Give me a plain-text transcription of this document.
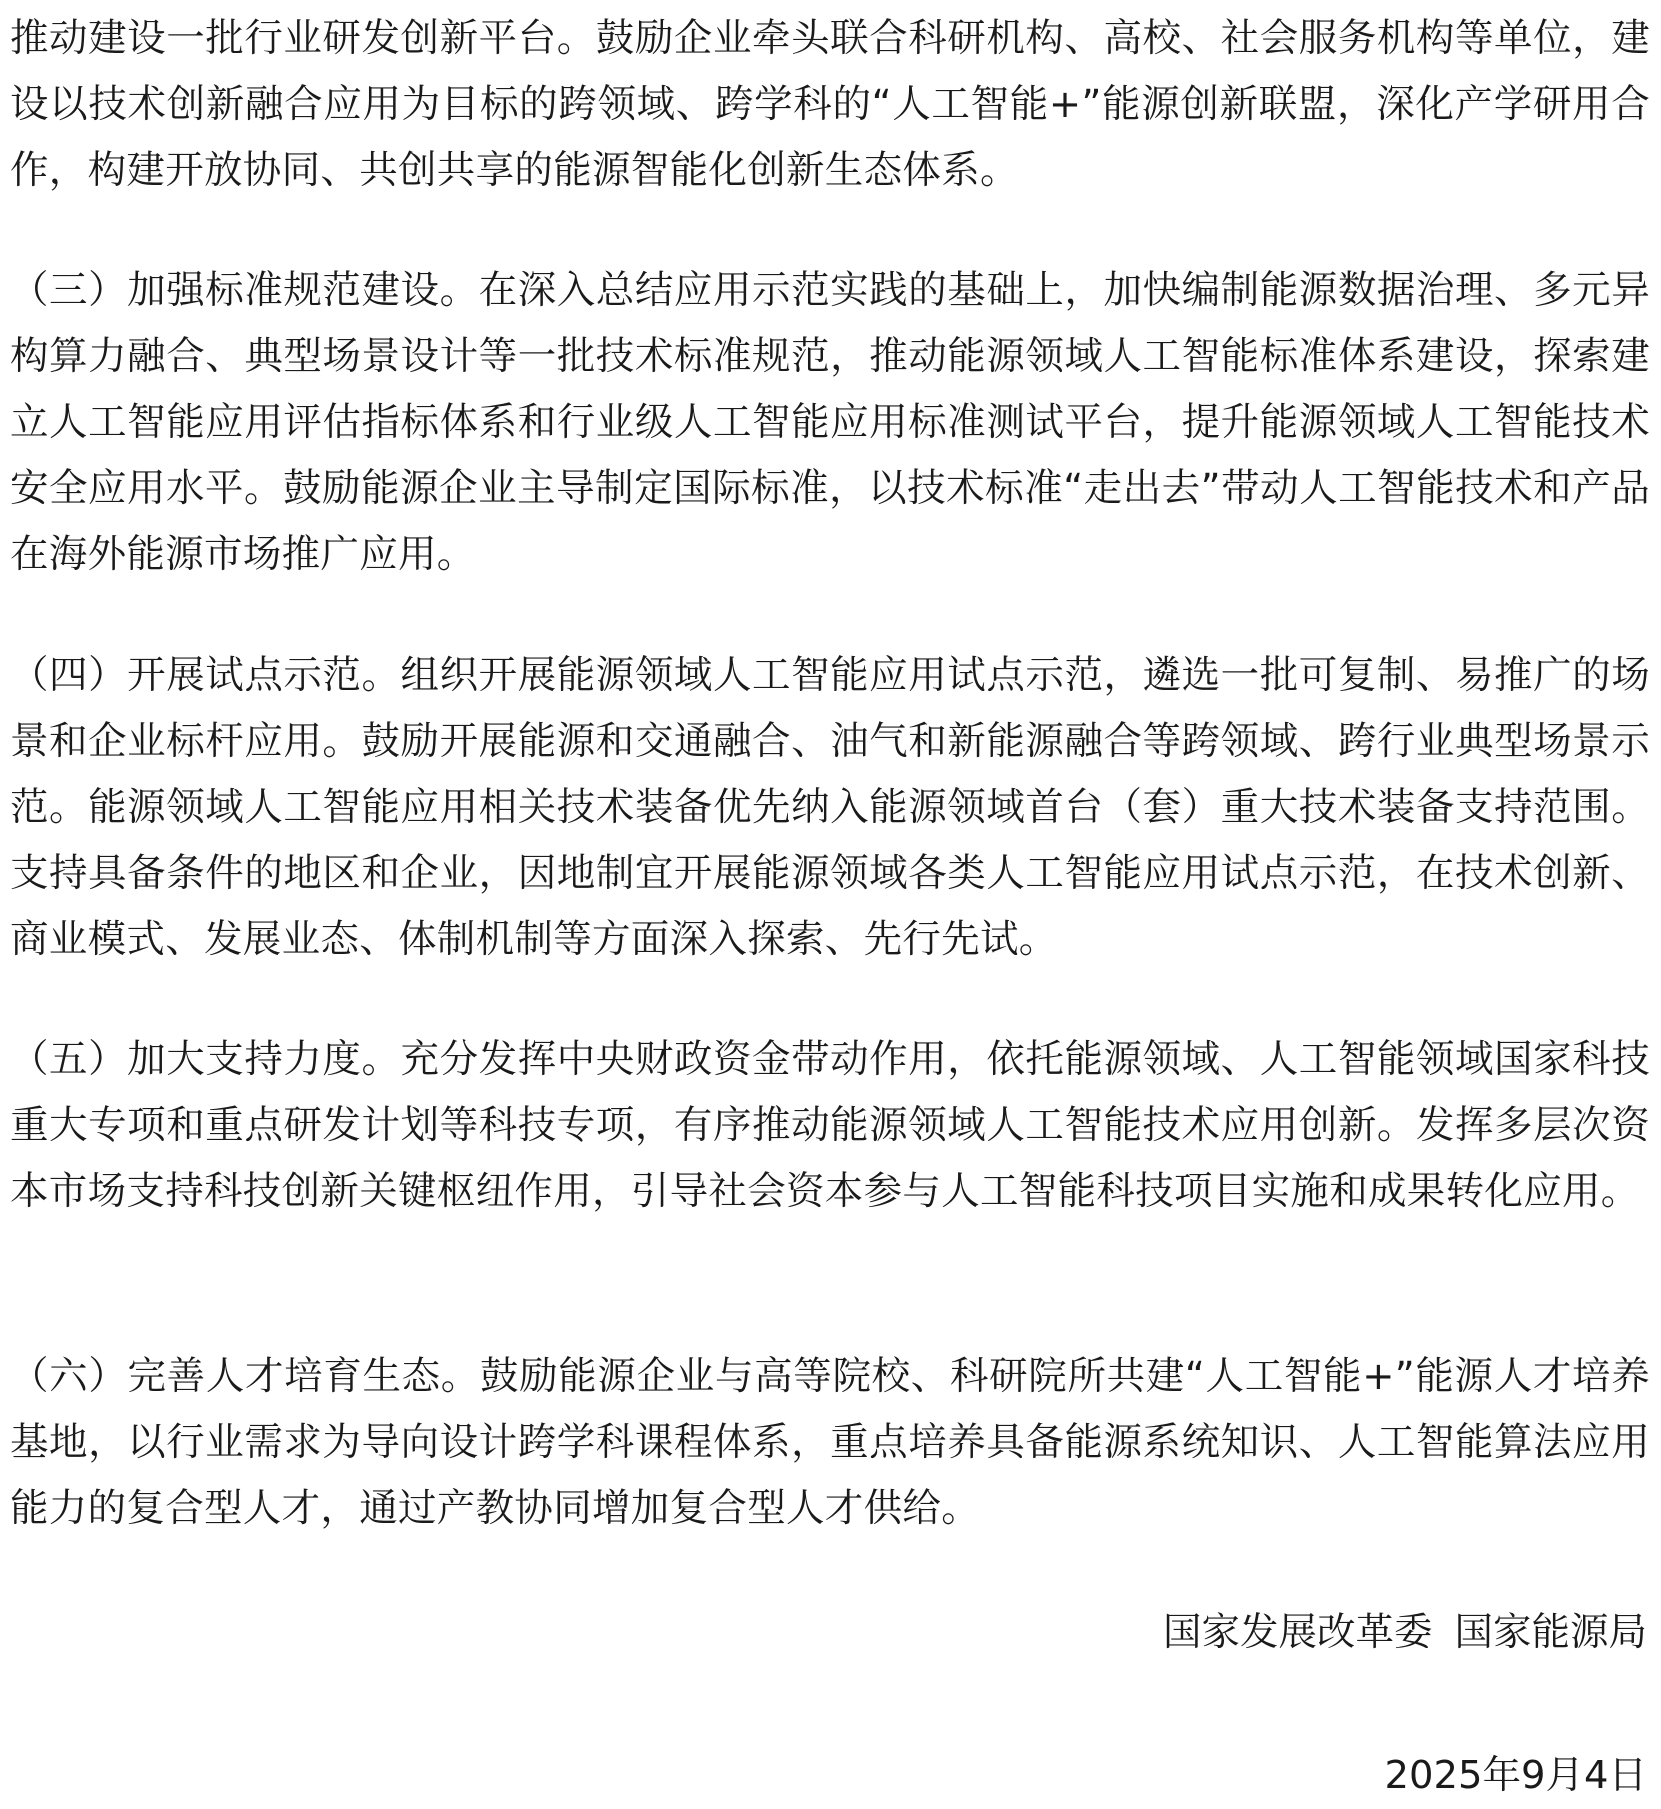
推动建设一批行业研发创新平台。鼓励企业牵头联合科研机构、高校、社会服务机构等单位，建设以技术创新融合应用为目标的跨领域、跨学科的“人工智能+”能源创新联盟，深化产学研用合作，构建开放协同、共创共享的能源智能化创新生态体系。

（三）加强标准规范建设。在深入总结应用示范实践的基础上，加快编制能源数据治理、多元异构算力融合、典型场景设计等一批技术标准规范，推动能源领域人工智能标准体系建设，探索建立人工智能应用评估指标体系和行业级人工智能应用标准测试平台，提升能源领域人工智能技术安全应用水平。鼓励能源企业主导制定国际标准，以技术标准“走出去”带动人工智能技术和产品在海外能源市场推广应用。

（四）开展试点示范。组织开展能源领域人工智能应用试点示范，遴选一批可复制、易推广的场景和企业标杆应用。鼓励开展能源和交通融合、油气和新能源融合等跨领域、跨行业典型场景示范。能源领域人工智能应用相关技术装备优先纳入能源领域首台（套）重大技术装备支持范围。支持具备条件的地区和企业，因地制宜开展能源领域各类人工智能应用试点示范，在技术创新、商业模式、发展业态、体制机制等方面深入探索、先行先试。

（五）加大支持力度。充分发挥中央财政资金带动作用，依托能源领域、人工智能领域国家科技重大专项和重点研发计划等科技专项，有序推动能源领域人工智能技术应用创新。发挥多层次资本市场支持科技创新关键枢纽作用，引导社会资本参与人工智能科技项目实施和成果转化应用。

（六）完善人才培育生态。鼓励能源企业与高等院校、科研院所共建“人工智能+”能源人才培养基地，以行业需求为导向设计跨学科课程体系，重点培养具备能源系统知识、人工智能算法应用能力的复合型人才，通过产教协同增加复合型人才供给。

国家发展改革委 国家能源局
2025年9月4日
